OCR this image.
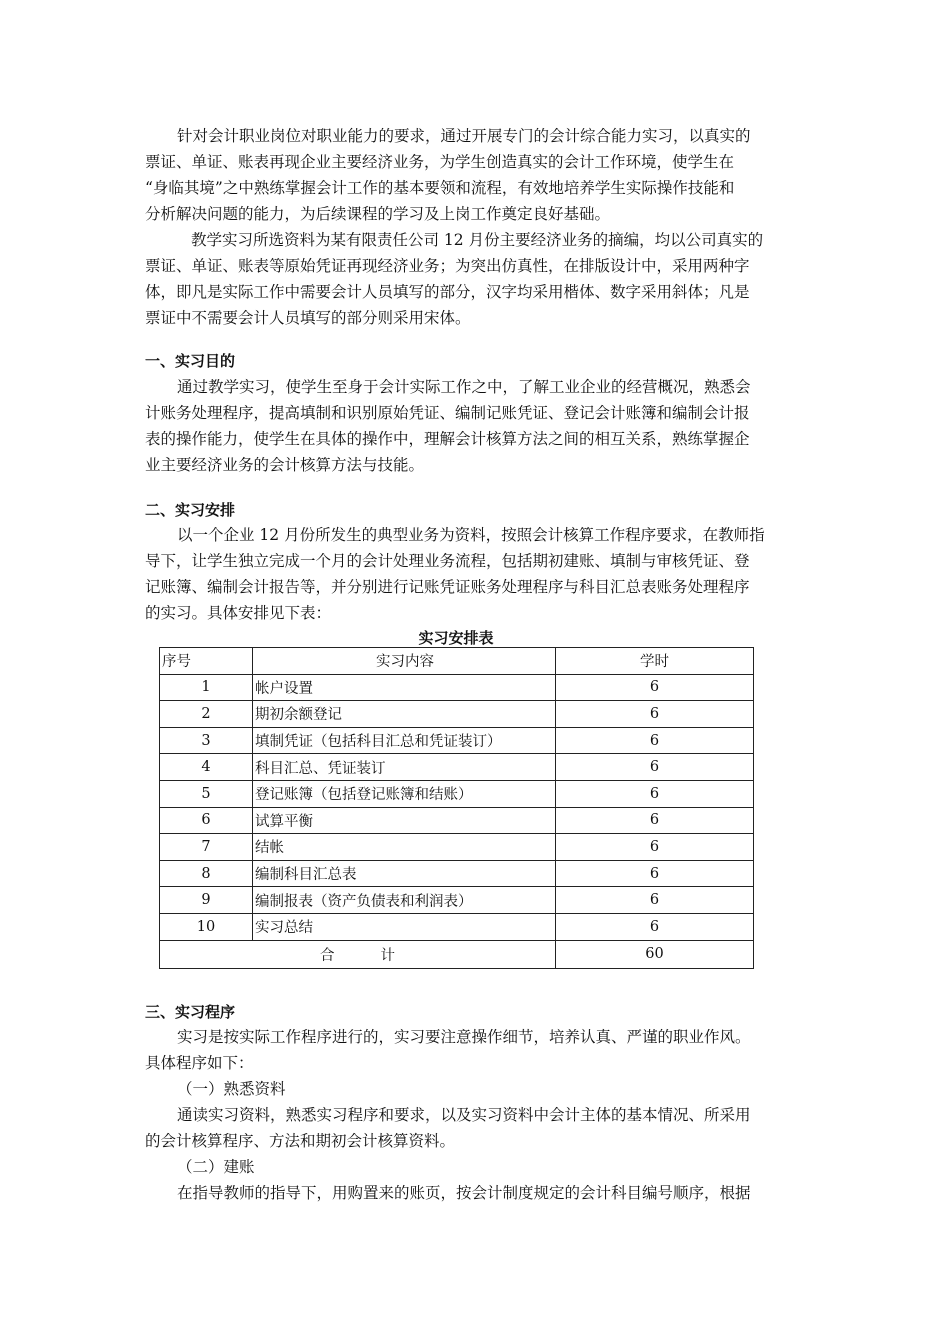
针对会计职业岗位对职业能力的要求，通过开展专门的会计综合能力实习，以真实的
票证、单证、账表再现企业主要经济业务，为学生创造真实的会计工作环境，使学生在
“身临其境”之中熟练掌握会计工作的基本要领和流程，有效地培养学生实际操作技能和
分析解决问题的能力，为后续课程的学习及上岗工作奠定良好基础。
教学实习所选资料为某有限责任公司 12 月份主要经济业务的摘编，均以公司真实的
票证、单证、账表等原始凭证再现经济业务；为突出仿真性，在排版设计中，采用两种字
体，即凡是实际工作中需要会计人员填写的部分，汉字均采用楷体、数字采用斜体；凡是
票证中不需要会计人员填写的部分则采用宋体。
一、实习目的
通过教学实习，使学生至身于会计实际工作之中，了解工业企业的经营概况，熟悉会
计账务处理程序，提高填制和识别原始凭证、编制记账凭证、登记会计账簿和编制会计报
表的操作能力，使学生在具体的操作中，理解会计核算方法之间的相互关系，熟练掌握企
业主要经济业务的会计核算方法与技能。
二、实习安排
以一个企业 12 月份所发生的典型业务为资料，按照会计核算工作程序要求，在教师指
导下，让学生独立完成一个月的会计处理业务流程，包括期初建账、填制与审核凭证、登
记账簿、编制会计报告等，并分别进行记账凭证账务处理程序与科目汇总表账务处理程序
的实习。具体安排见下表：
实习安排表
序号	实习内容	学时
1	帐户设置	6
2	期初余额登记	6
3	填制凭证（包括科目汇总和凭证装订）	6
4	科目汇总、凭证装订	6
5	登记账簿（包括登记账簿和结账）	6
6	试算平衡	6
7	结帐	6
8	编制科目汇总表	6
9	编制报表（资产负债表和利润表）	6
10	实习总结	6
合          计		60
三、实习程序
实习是按实际工作程序进行的，实习要注意操作细节，培养认真、严谨的职业作风。
具体程序如下：
（一）熟悉资料
通读实习资料，熟悉实习程序和要求，以及实习资料中会计主体的基本情况、所采用
的会计核算程序、方法和期初会计核算资料。
（二）建账
在指导教师的指导下，用购置来的账页，按会计制度规定的会计科目编号顺序，根据
